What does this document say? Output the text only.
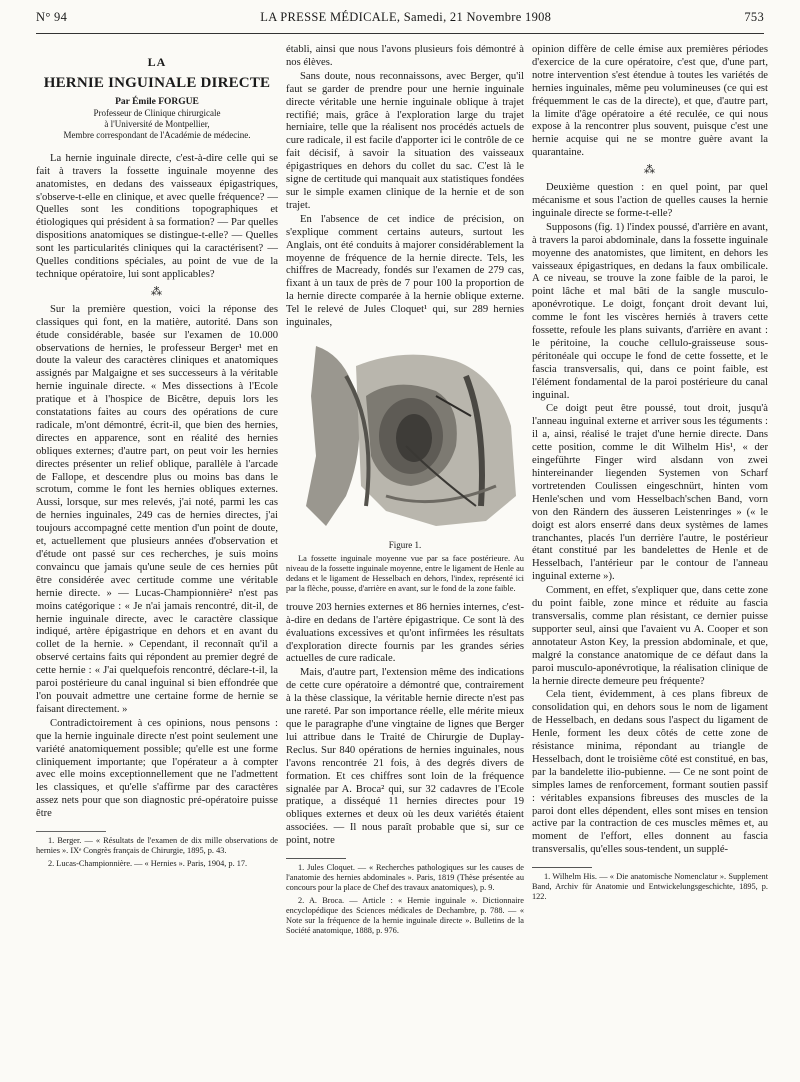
N° 94	LA PRESSE MÉDICALE, Samedi, 21 Novembre 1908	753
LA
HERNIE INGUINALE DIRECTE
Par Émile FORGUE
Professeur de Clinique chirurgicale
à l'Université de Montpellier,
Membre correspondant de l'Académie de médecine.

La hernie inguinale directe, c'est-à-dire celle qui se fait à travers la fossette inguinale moyenne des anatomistes, en dedans des vaisseaux épigastriques, s'observe-t-elle en clinique, et avec quelle fréquence? — Quelles sont les conditions topographiques et étiologiques qui président à sa formation? — Par quelles dispositions anatomiques se distingue-t-elle? — Quelles sont les particularités cliniques qui la caractérisent? — Quelles conditions spéciales, au point de vue de la technique opératoire, lui sont applicables?

⁂

Sur la première question, voici la réponse des classiques qui font, en la matière, autorité. Dans son étude considérable, basée sur l'examen de 10.000 observations de hernies, le professeur Berger¹ met en doute la valeur des caractères cliniques et anatomiques assignés par Malgaigne et ses successeurs à la véritable hernie inguinale directe. « Mes dissections à l'Ecole pratique et à l'hospice de Bicêtre, depuis lors les constatations faites au cours des opérations de cure radicale, m'ont démontré, écrit-il, que bien des hernies, directes en apparence, sont en réalité des hernies obliques externes; d'autre part, on peut voir les hernies directes présenter un relief oblique, parallèle à l'arcade de Fallope, et descendre plus ou moins bas dans le scrotum, comme le font les hernies obliques externes. Aussi, lorsque, sur mes relevés, j'ai noté, parmi les cas de hernies inguinales, 249 cas de hernies directes, j'ai toujours accompagné cette mention d'un point de doute, et, actuellement que plusieurs années d'observation et d'étude ont passé sur ces recherches, je suis moins convaincu que jamais qu'une seule de ces hernies pût être considérée avec certitude comme une véritable hernie directe. » — Lucas-Championnière² n'est pas moins catégorique : « Je n'ai jamais rencontré, dit-il, de hernie inguinale directe, avec le caractère classique indiqué, artère épigastrique en dehors et en avant du collet de la hernie. » Cependant, il reconnaît qu'il a observé certains faits qui répondent au premier degré de cette hernie : « J'ai quelquefois rencontré, déclare-t-il, la paroi postérieure du canal inguinal si bien effondrée que l'on pouvait admettre une certaine forme de hernie se faisant directement. »

Contradictoirement à ces opinions, nous pensons : que la hernie inguinale directe n'est point seulement une variété anatomiquement possible; qu'elle est une forme cliniquement importante; que l'opérateur a à compter avec elle moins exceptionnellement que ne l'admettent les classiques, et qu'elle s'affirme par des caractères assez nets pour que son diagnostic pré-opératoire puisse être

1. Berger. — « Résultats de l'examen de dix mille observations de hernies ». IXᵉ Congrès français de Chirurgie, 1895, p. 43.

2. Lucas-Championnière. — « Hernies ». Paris, 1904, p. 17.

établi, ainsi que nous l'avons plusieurs fois démontré à nos élèves.

Sans doute, nous reconnaissons, avec Berger, qu'il faut se garder de prendre pour une hernie inguinale directe véritable une hernie inguinale oblique à trajet rectifié; mais, grâce à l'exploration large du trajet herniaire, telle que la réalisent nos procédés actuels de cure radicale, il est facile d'apporter ici le contrôle de ce fait décisif, à savoir la situation des vaisseaux épigastriques en dehors du collet du sac. C'est là le signe de certitude qui manquait aux statistiques fondées sur le simple examen clinique de la hernie et de son trajet.

En l'absence de cet indice de précision, on s'explique comment certains auteurs, surtout les Anglais, ont été conduits à majorer considérablement la moyenne de fréquence de la hernie directe. Tels, les chiffres de Macready, fondés sur l'examen de 279 cas, fixant à un taux de près de 7 pour 100 la proportion de la hernie directe comparée à la hernie oblique externe. Tel le relevé de Jules Cloquet¹ qui, sur 289 hernies inguinales,

Figure 1.

La fossette inguinale moyenne vue par sa face postérieure. Au niveau de la fossette inguinale moyenne, entre le ligament de Henle au dedans et le ligament de Hesselbach en dehors, l'index, représenté ici par la flèche, pousse, d'arrière en avant, sur le fond de la zone faible.

trouve 203 hernies externes et 86 hernies internes, c'est-à-dire en dedans de l'artère épigastrique. Ce sont là des évaluations excessives et qu'ont infirmées les résultats d'exploration directe fournis par les grandes séries actuelles de cure radicale.

Mais, d'autre part, l'extension même des indications de cette cure opératoire a démontré que, contrairement à la thèse classique, la véritable hernie directe n'est pas une rareté. Par son importance réelle, elle mérite mieux que le paragraphe d'une vingtaine de lignes que Berger lui attribue dans le Traité de Chirurgie de Duplay-Reclus. Sur 840 opérations de hernies inguinales, nous l'avons rencontrée 21 fois, à des degrés divers de formation. Et ces chiffres sont loin de la fréquence signalée par A. Broca² qui, sur 32 cadavres de l'Ecole pratique, a disséqué 11 hernies directes pour 19 obliques externes et deux où les deux variétés étaient associées. — Il nous paraît probable que si, sur ce point, notre

1. Jules Cloquet. — « Recherches pathologiques sur les causes de l'anatomie des hernies abdominales ». Paris, 1819 (Thèse présentée au concours pour la place de Chef des travaux anatomiques), p. 9.

2. A. Broca. — Article : « Hernie inguinale ». Dictionnaire encyclopédique des Sciences médicales de Dechambre, p. 788. — « Note sur la fréquence de la hernie inguinale directe ». Bulletins de la Société anatomique, 1888, p. 976.

opinion diffère de celle émise aux premières périodes d'exercice de la cure opératoire, c'est que, d'une part, notre intervention s'est étendue à toutes les variétés de hernies inguinales, même peu volumineuses (ce qui est fréquemment le cas de la directe), et que, d'autre part, la limite d'âge opératoire a été reculée, ce qui nous expose à la rencontrer plus souvent, puisque c'est une hernie acquise qui ne se montre guère avant la quarantaine.

⁂

Deuxième question : en quel point, par quel mécanisme et sous l'action de quelles causes la hernie inguinale directe se forme-t-elle?

Supposons (fig. 1) l'index poussé, d'arrière en avant, à travers la paroi abdominale, dans la fossette inguinale moyenne des anatomistes, que limitent, en dehors les vaisseaux épigastriques, en dedans la faux ombilicale. A ce niveau, se trouve la zone faible de la paroi, le point lâche et mal bâti de la sangle musculo-aponévrotique. Le doigt, fonçant droit devant lui, comme le font les viscères herniés à travers cette fossette, refoule les plans suivants, d'arrière en avant : le péritoine, la couche cellulo-graisseuse sous-péritonéale qui occupe le fond de cette fossette, et le fascia transversalis, qui, dans ce point faible, est l'élément fondamental de la paroi postérieure du canal inguinal.

Ce doigt peut être poussé, tout droit, jusqu'à l'anneau inguinal externe et arriver sous les téguments : il a, ainsi, réalisé le trajet d'une hernie directe. Dans cette position, comme le dit Wilhelm His¹, « der eingeführte Finger wird alsdann von zwei hintereinander liegenden Systemen von Scharf vortretenden Coulissen eingeschnürt, hinten vom Henle'schen und vom Hesselbach'schen Band, vorn von den Rändern des äusseren Leistenringes » (« le doigt est alors enserré dans deux systèmes de lames tranchantes, placés l'un derrière l'autre, le postérieur étant constitué par les bandelettes de Henle et de Hesselbach, l'antérieur par le contour de l'anneau inguinal externe »).

Comment, en effet, s'expliquer que, dans cette zone du point faible, zone mince et réduite au fascia transversalis, comme plan résistant, ce dernier puisse supporter seul, ainsi que l'avaient vu A. Cooper et son annotateur Aston Key, la pression abdominale, et que, malgré la constance anatomique de ce défaut dans la paroi musculo-aponévrotique, la réalisation clinique de la hernie directe demeure peu fréquente?

Cela tient, évidemment, à ces plans fibreux de consolidation qui, en dehors sous le nom de ligament de Hesselbach, en dedans sous l'aspect du ligament de Henle, forment les deux côtés de cette zone de résistance minima, répondant au triangle de Hesselbach, dont le troisième côté est constitué, en bas, par la bandelette ilio-pubienne. — Ce ne sont point de simples lames de renforcement, formant soutien passif : véritables expansions fibreuses des muscles de la paroi dont elles dépendent, elles sont mises en tension active par la contraction de ces muscles mêmes et, au moment de l'effort, elles donnent au fascia transversalis, qu'elles sous-tendent, un supplé-

1. Wilhelm His. — « Die anatomische Nomenclatur ». Supplement Band, Archiv für Anatomie und Entwickelungsgeschichte, 1895, p. 122.
